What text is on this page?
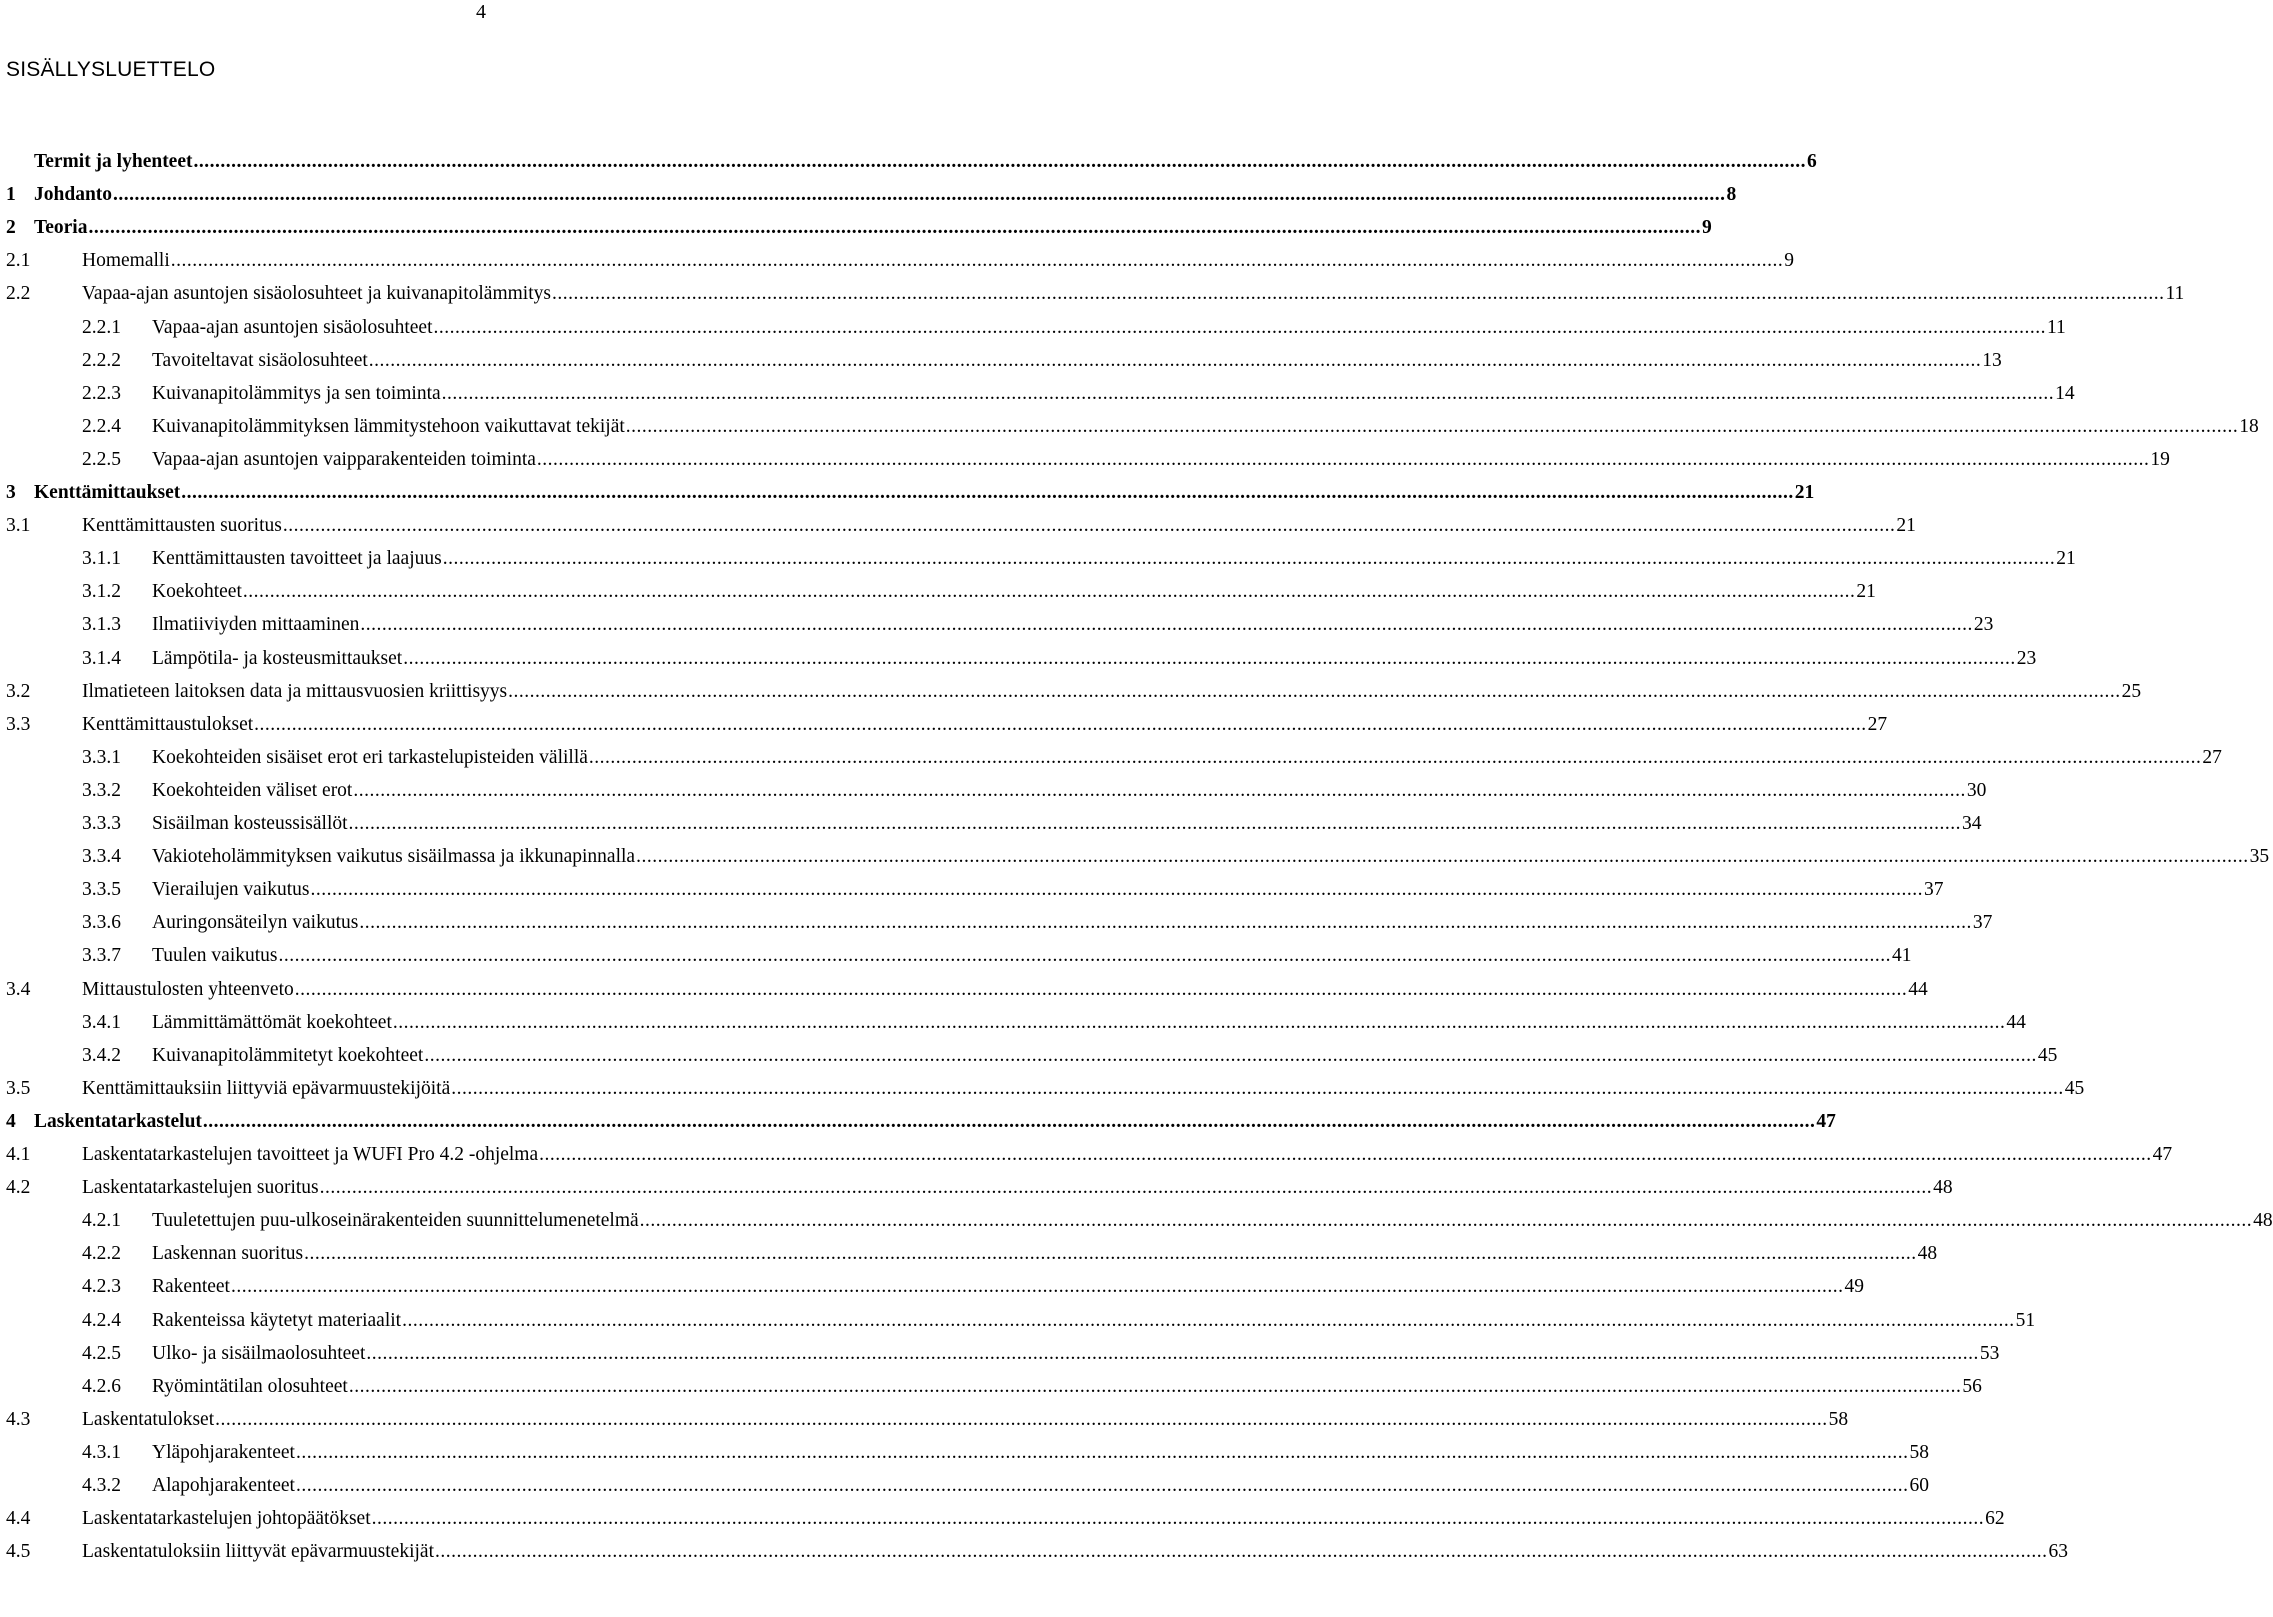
4
SISÄLLYSLUETTELO
Termit ja lyhenteet ............................................................................................................................................................................................................................................................................................................ 6
1 Johdanto ............................................................................................................................................................................................................................................................................................................ 8
2 Teoria ............................................................................................................................................................................................................................................................................................................ 9
2.1	Homemalli ............................................................................................................................................................................................................................................................................................................ 9
2.2	Vapaa-ajan asuntojen sisäolosuhteet ja kuivanapitolämmitys ............................................................................................................................................................................................................................................................................................................ 11
2.2.1	Vapaa-ajan asuntojen sisäolosuhteet ............................................................................................................................................................................................................................................................................................................ 11
2.2.2	Tavoiteltavat sisäolosuhteet ............................................................................................................................................................................................................................................................................................................ 13
2.2.3	Kuivanapitolämmitys ja sen toiminta ............................................................................................................................................................................................................................................................................................................ 14
2.2.4	Kuivanapitolämmityksen lämmitystehoon vaikuttavat tekijät ............................................................................................................................................................................................................................................................................................................ 18
2.2.5	Vapaa-ajan asuntojen vaipparakenteiden toiminta ............................................................................................................................................................................................................................................................................................................ 19
3 Kenttämittaukset ............................................................................................................................................................................................................................................................................................................ 21
3.1	Kenttämittausten suoritus ............................................................................................................................................................................................................................................................................................................ 21
3.1.1	Kenttämittausten tavoitteet ja laajuus ............................................................................................................................................................................................................................................................................................................ 21
3.1.2	Koekohteet ............................................................................................................................................................................................................................................................................................................ 21
3.1.3	Ilmatiiviyden mittaaminen ............................................................................................................................................................................................................................................................................................................ 23
3.1.4	Lämpötila- ja kosteusmittaukset ............................................................................................................................................................................................................................................................................................................ 23
3.2	Ilmatieteen laitoksen data ja mittausvuosien kriittisyys ............................................................................................................................................................................................................................................................................................................ 25
3.3	Kenttämittaustulokset ............................................................................................................................................................................................................................................................................................................ 27
3.3.1	Koekohteiden sisäiset erot eri tarkastelupisteiden välillä ............................................................................................................................................................................................................................................................................................................ 27
3.3.2	Koekohteiden väliset erot ............................................................................................................................................................................................................................................................................................................ 30
3.3.3	Sisäilman kosteussisällöt ............................................................................................................................................................................................................................................................................................................ 34
3.3.4	Vakioteholämmityksen vaikutus sisäilmassa ja ikkunapinnalla ............................................................................................................................................................................................................................................................................................................ 35
3.3.5	Vierailujen vaikutus ............................................................................................................................................................................................................................................................................................................ 37
3.3.6	Auringonsäteilyn vaikutus ............................................................................................................................................................................................................................................................................................................ 37
3.3.7	Tuulen vaikutus ............................................................................................................................................................................................................................................................................................................ 41
3.4	Mittaustulosten yhteenveto ............................................................................................................................................................................................................................................................................................................ 44
3.4.1	Lämmittämättömät koekohteet ............................................................................................................................................................................................................................................................................................................ 44
3.4.2	Kuivanapitolämmitetyt koekohteet ............................................................................................................................................................................................................................................................................................................ 45
3.5	Kenttämittauksiin liittyviä epävarmuustekijöitä ............................................................................................................................................................................................................................................................................................................ 45
4 Laskentatarkastelut ............................................................................................................................................................................................................................................................................................................ 47
4.1	Laskentatarkastelujen tavoitteet ja WUFI Pro 4.2 -ohjelma ............................................................................................................................................................................................................................................................................................................ 47
4.2	Laskentatarkastelujen suoritus ............................................................................................................................................................................................................................................................................................................ 48
4.2.1	Tuuletettujen puu-ulkoseinärakenteiden suunnittelumenetelmä ............................................................................................................................................................................................................................................................................................................ 48
4.2.2	Laskennan suoritus ............................................................................................................................................................................................................................................................................................................ 48
4.2.3	Rakenteet ............................................................................................................................................................................................................................................................................................................ 49
4.2.4	Rakenteissa käytetyt materiaalit ............................................................................................................................................................................................................................................................................................................ 51
4.2.5	Ulko- ja sisäilmaolosuhteet ............................................................................................................................................................................................................................................................................................................ 53
4.2.6	Ryömintätilan olosuhteet ............................................................................................................................................................................................................................................................................................................ 56
4.3	Laskentatulokset ............................................................................................................................................................................................................................................................................................................ 58
4.3.1	Yläpohjarakenteet ............................................................................................................................................................................................................................................................................................................ 58
4.3.2	Alapohjarakenteet ............................................................................................................................................................................................................................................................................................................ 60
4.4	Laskentatarkastelujen johtopäätökset ............................................................................................................................................................................................................................................................................................................ 62
4.5	Laskentatuloksiin liittyvät epävarmuustekijät ............................................................................................................................................................................................................................................................................................................ 63
